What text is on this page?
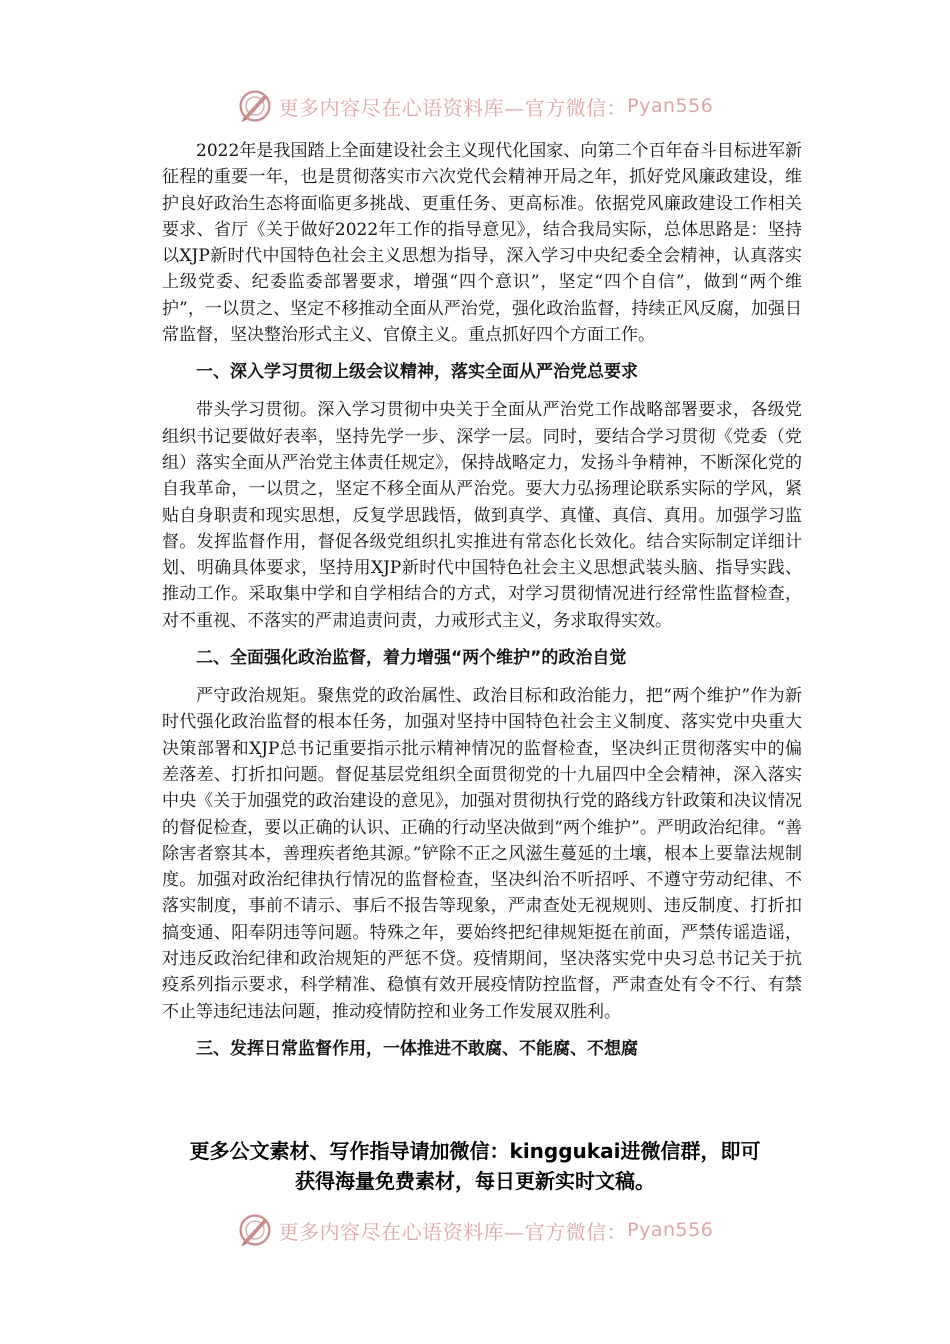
更多内容尽在心语资料库—官方微信： Pyan556

2022年是我国踏上全面建设社会主义现代化国家、向第二个百年奋斗目标进军新征程的重要一年，也是贯彻落实市六次党代会精神开局之年，抓好党风廉政建设，维护良好政治生态将面临更多挑战、更重任务、更高标准。依据党风廉政建设工作相关要求、省厅《关于做好2022年工作的指导意见》，结合我局实际，总体思路是：坚持以XJP新时代中国特色社会主义思想为指导，深入学习中央纪委全会精神，认真落实上级党委、纪委监委部署要求，增强“四个意识”，坚定“四个自信”，做到“两个维护”，一以贯之、坚定不移推动全面从严治党，强化政治监督，持续正风反腐，加强日常监督，坚决整治形式主义、官僚主义。重点抓好四个方面工作。

一、深入学习贯彻上级会议精神，落实全面从严治党总要求

带头学习贯彻。深入学习贯彻中央关于全面从严治党工作战略部署要求，各级党组织书记要做好表率，坚持先学一步、深学一层。同时，要结合学习贯彻《党委（党组）落实全面从严治党主体责任规定》，保持战略定力，发扬斗争精神，不断深化党的自我革命，一以贯之，坚定不移全面从严治党。要大力弘扬理论联系实际的学风，紧贴自身职责和现实思想，反复学思践悟，做到真学、真懂、真信、真用。加强学习监督。发挥监督作用，督促各级党组织扎实推进有常态化长效化。结合实际制定详细计划、明确具体要求，坚持用XJP新时代中国特色社会主义思想武装头脑、指导实践、推动工作。采取集中学和自学相结合的方式，对学习贯彻情况进行经常性监督检查，对不重视、不落实的严肃追责问责，力戒形式主义，务求取得实效。

二、全面强化政治监督，着力增强“两个维护”的政治自觉

严守政治规矩。聚焦党的政治属性、政治目标和政治能力，把“两个维护”作为新时代强化政治监督的根本任务，加强对坚持中国特色社会主义制度、落实党中央重大决策部署和XJP总书记重要指示批示精神情况的监督检查，坚决纠正贯彻落实中的偏差落差、打折扣问题。督促基层党组织全面贯彻党的十九届四中全会精神，深入落实中央《关于加强党的政治建设的意见》，加强对贯彻执行党的路线方针政策和决议情况的督促检查，要以正确的认识、正确的行动坚决做到“两个维护”。严明政治纪律。“善除害者察其本，善理疾者绝其源。”铲除不正之风滋生蔓延的土壤，根本上要靠法规制度。加强对政治纪律执行情况的监督检查，坚决纠治不听招呼、不遵守劳动纪律、不落实制度，事前不请示、事后不报告等现象，严肃查处无视规则、违反制度、打折扣搞变通、阳奉阴违等问题。特殊之年，要始终把纪律规矩挺在前面，严禁传谣造谣，对违反政治纪律和政治规矩的严惩不贷。疫情期间，坚决落实党中央习总书记关于抗疫系列指示要求，科学精准、稳慎有效开展疫情防控监督，严肃查处有令不行、有禁不止等违纪违法问题，推动疫情防控和业务工作发展双胜利。

三、发挥日常监督作用，一体推进不敢腐、不能腐、不想腐

更多公文素材、写作指导请加微信：kinggukai进微信群，即可
获得海量免费素材，每日更新实时文稿。
更多内容尽在心语资料库—官方微信： Pyan556
